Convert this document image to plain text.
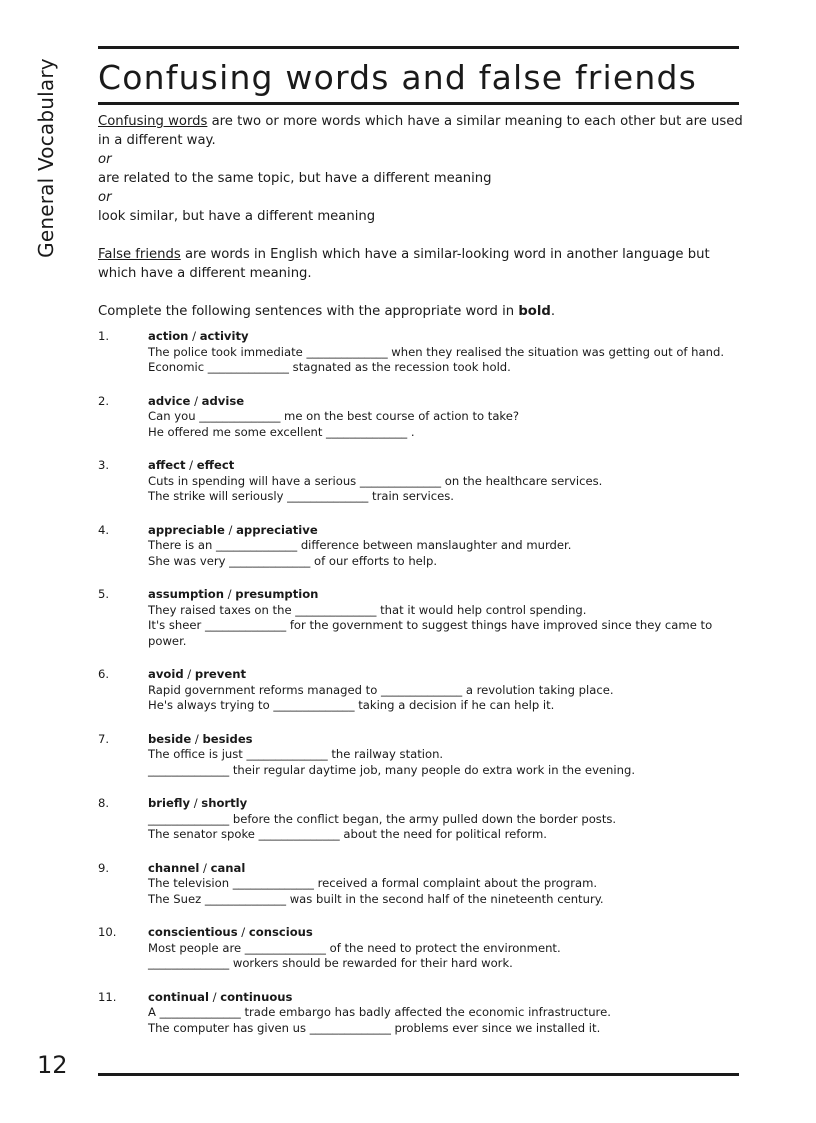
General Vocabulary Confusing words and false friends

Confusing words are two or more words which have a similar meaning to each other but are used in a different way.

or

are related to the same topic, but have a different meaning

or

look similar, but have a different meaning

False friends are words in English which have a similar-looking word in another language but which have a different meaning.

Complete the following sentences with the appropriate word in bold.

1.	action / activity
The police took immediate ______________ when they realised the situation was getting out of hand.
Economic ______________ stagnated as the recession took hold.
2.	advice / advise
Can you ______________ me on the best course of action to take?
He offered me some excellent ______________ .
3.	affect / effect
Cuts in spending will have a serious ______________ on the healthcare services.
The strike will seriously ______________ train services.
4.	appreciable / appreciative
There is an ______________ difference between manslaughter and murder.
She was very ______________ of our efforts to help.
5.	assumption / presumption
They raised taxes on the ______________ that it would help control spending.
It's sheer ______________ for the government to suggest things have improved since they came to power.
6.	avoid / prevent
Rapid government reforms managed to ______________ a revolution taking place.
He's always trying to ______________ taking a decision if he can help it.
7.	beside / besides
The office is just ______________ the railway station.
______________ their regular daytime job, many people do extra work in the evening.
8.	briefly / shortly
______________ before the conflict began, the army pulled down the border posts.
The senator spoke ______________ about the need for political reform.
9.	channel / canal
The television ______________ received a formal complaint about the program.
The Suez ______________ was built in the second half of the nineteenth century.
10.	conscientious / conscious
Most people are ______________ of the need to protect the environment.
______________ workers should be rewarded for their hard work.
11.	continual / continuous
A ______________ trade embargo has badly affected the economic infrastructure.
The computer has given us ______________ problems ever since we installed it.
12
